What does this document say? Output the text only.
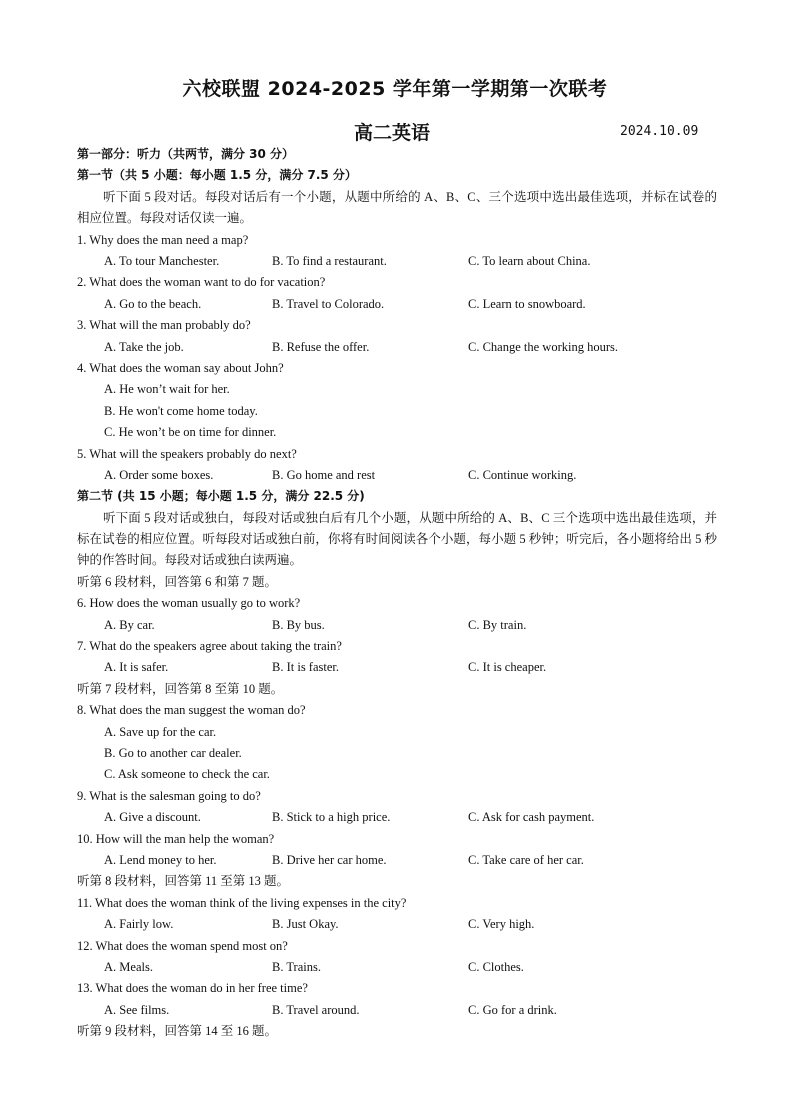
六校联盟 2024-2025 学年第一学期第一次联考
高二英语	2024.10.09
第一部分：听力（共两节，满分 30 分）
第一节（共 5 小题：每小题 1.5 分，满分 7.5 分）
听下面 5 段对话。每段对话后有一个小题，从题中所给的 A、B、C、三个选项中选出最佳选项，并标在试卷的相应位置。每段对话仅读一遍。
1. Why does the man need a map?
A. To tour Manchester.	B. To find a restaurant.	C. To learn about China.
2. What does the woman want to do for vacation?
A. Go to the beach.	B. Travel to Colorado.	C. Learn to snowboard.
3. What will the man probably do?
A. Take the job.	B. Refuse the offer.	C. Change the working hours.
4. What does the woman say about John?
A. He won’t wait for her.
B. He won't come home today.
C. He won’t be on time for dinner.
5. What will the speakers probably do next?
A. Order some boxes.	B. Go home and rest	C. Continue working.
第二节 (共 15 小题；每小题 1.5 分，满分 22.5 分)
听下面 5 段对话或独白，每段对话或独白后有几个小题，从题中所给的 A、B、C 三个选项中选出最佳选项，并标在试卷的相应位置。听每段对话或独白前，你将有时间阅读各个小题，每小题 5 秒钟；听完后，各小题将给出 5 秒钟的作答时间。每段对话或独白读两遍。
听第 6 段材料，回答第 6 和第 7 题。
6. How does the woman usually go to work?
A. By car.	B. By bus.	C. By train.
7. What do the speakers agree about taking the train?
A. It is safer.	B. It is faster.	C. It is cheaper.
听第 7 段材料，回答第 8 至第 10 题。
8. What does the man suggest the woman do?
A. Save up for the car.
B. Go to another car dealer.
C. Ask someone to check the car.
9. What is the salesman going to do?
A. Give a discount.	B. Stick to a high price.	C. Ask for cash payment.
10. How will the man help the woman?
A. Lend money to her.	B. Drive her car home.	C. Take care of her car.
听第 8 段材料，回答第 11 至第 13 题。
11. What does the woman think of the living expenses in the city?
A. Fairly low.	B. Just Okay.	C. Very high.
12. What does the woman spend most on?
A. Meals.	B. Trains.	C. Clothes.
13. What does the woman do in her free time?
A. See films.	B. Travel around.	C. Go for a drink.
听第 9 段材料，回答第 14 至 16 题。
